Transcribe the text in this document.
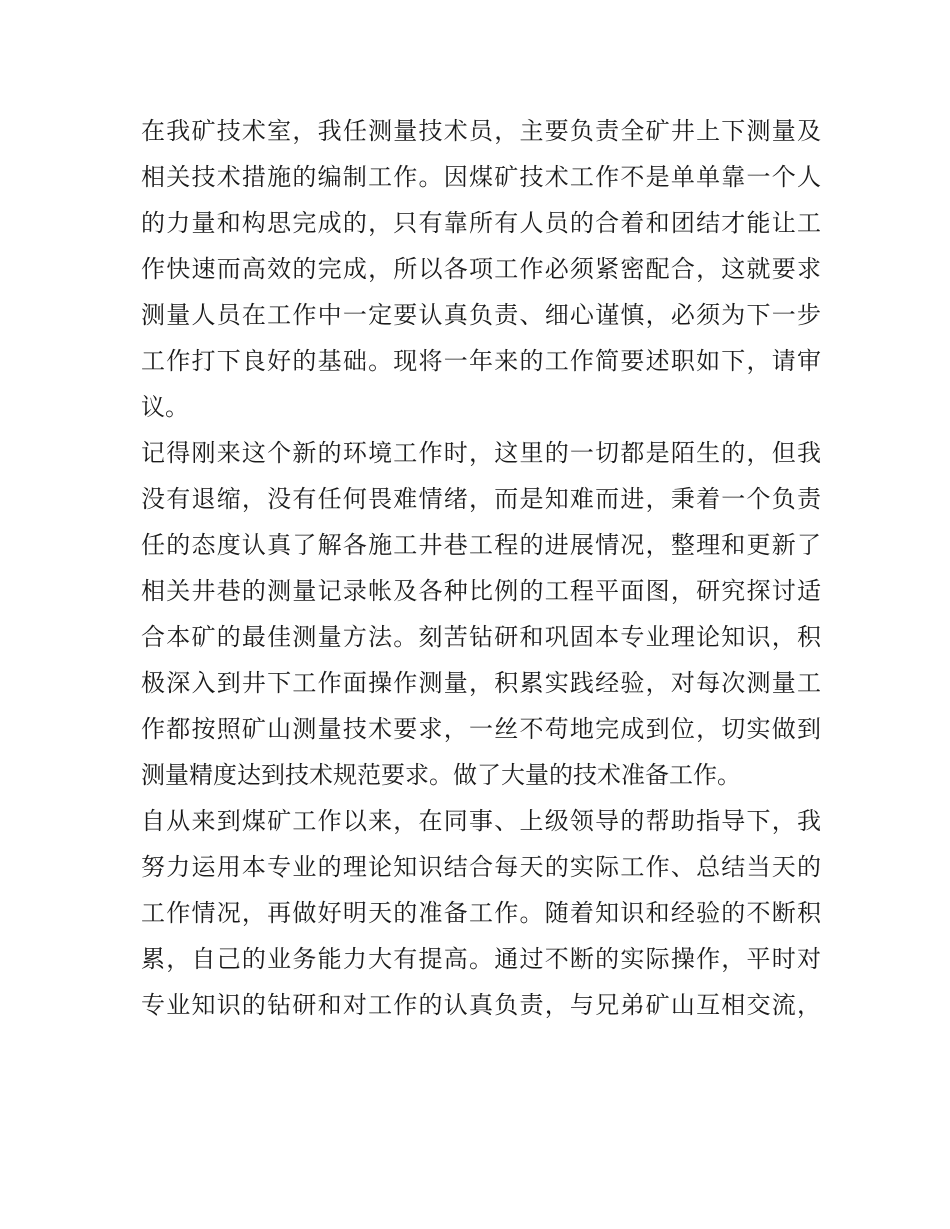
在我矿技术室，我任测量技术员，主要负责全矿井上下测量及
相关技术措施的编制工作。因煤矿技术工作不是单单靠一个人
的力量和构思完成的，只有靠所有人员的合着和团结才能让工
作快速而高效的完成，所以各项工作必须紧密配合，这就要求
测量人员在工作中一定要认真负责、细心谨慎，必须为下一步
工作打下良好的基础。现将一年来的工作简要述职如下，请审
议。
记得刚来这个新的环境工作时，这里的一切都是陌生的，但我
没有退缩，没有任何畏难情绪，而是知难而进，秉着一个负责
任的态度认真了解各施工井巷工程的进展情况，整理和更新了
相关井巷的测量记录帐及各种比例的工程平面图，研究探讨适
合本矿的最佳测量方法。刻苦钻研和巩固本专业理论知识，积
极深入到井下工作面操作测量，积累实践经验，对每次测量工
作都按照矿山测量技术要求，一丝不苟地完成到位，切实做到
测量精度达到技术规范要求。做了大量的技术准备工作。
自从来到煤矿工作以来，在同事、上级领导的帮助指导下，我
努力运用本专业的理论知识结合每天的实际工作、总结当天的
工作情况，再做好明天的准备工作。随着知识和经验的不断积
累，自己的业务能力大有提高。通过不断的实际操作，平时对
专业知识的钻研和对工作的认真负责，与兄弟矿山互相交流，
